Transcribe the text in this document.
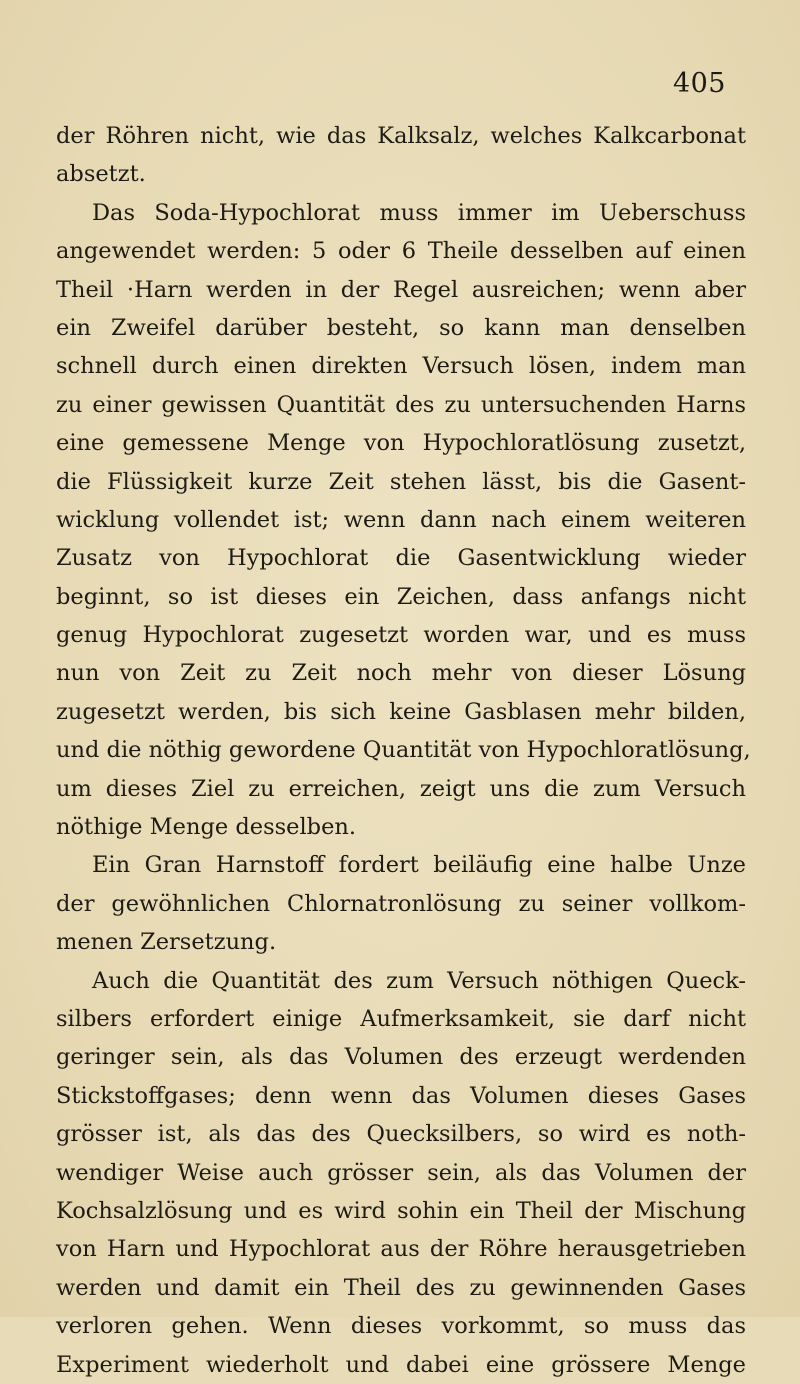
405
der Röhren nicht, wie das Kalksalz, welches Kalkcarbonat
absetzt.
Das Soda-Hypochlorat muss immer im Ueberschuss
angewendet werden: 5 oder 6 Theile desselben auf einen
Theil ·Harn werden in der Regel ausreichen; wenn aber
ein Zweifel darüber besteht, so kann man denselben
schnell durch einen direkten Versuch lösen, indem man
zu einer gewissen Quantität des zu untersuchenden Harns
eine gemessene Menge von Hypochloratlösung zusetzt,
die Flüssigkeit kurze Zeit stehen lässt, bis die Gasent-
wicklung vollendet ist; wenn dann nach einem weiteren
Zusatz von Hypochlorat die Gasentwicklung wieder
beginnt, so ist dieses ein Zeichen, dass anfangs nicht
genug Hypochlorat zugesetzt worden war, und es muss
nun von Zeit zu Zeit noch mehr von dieser Lösung
zugesetzt werden, bis sich keine Gasblasen mehr bilden,
und die nöthig gewordene Quantität von Hypochloratlösung,
um dieses Ziel zu erreichen, zeigt uns die zum Versuch
nöthige Menge desselben.
Ein Gran Harnstoff fordert beiläufig eine halbe Unze
der gewöhnlichen Chlornatronlösung zu seiner vollkom-
menen Zersetzung.
Auch die Quantität des zum Versuch nöthigen Queck-
silbers erfordert einige Aufmerksamkeit, sie darf nicht
geringer sein, als das Volumen des erzeugt werdenden
Stickstoffgases; denn wenn das Volumen dieses Gases
grösser ist, als das des Quecksilbers, so wird es noth-
wendiger Weise auch grösser sein, als das Volumen der
Kochsalzlösung und es wird sohin ein Theil der Mischung
von Harn und Hypochlorat aus der Röhre herausgetrieben
werden und damit ein Theil des zu gewinnenden Gases
verloren gehen. Wenn dieses vorkommt, so muss das
Experiment wiederholt und dabei eine grössere Menge
